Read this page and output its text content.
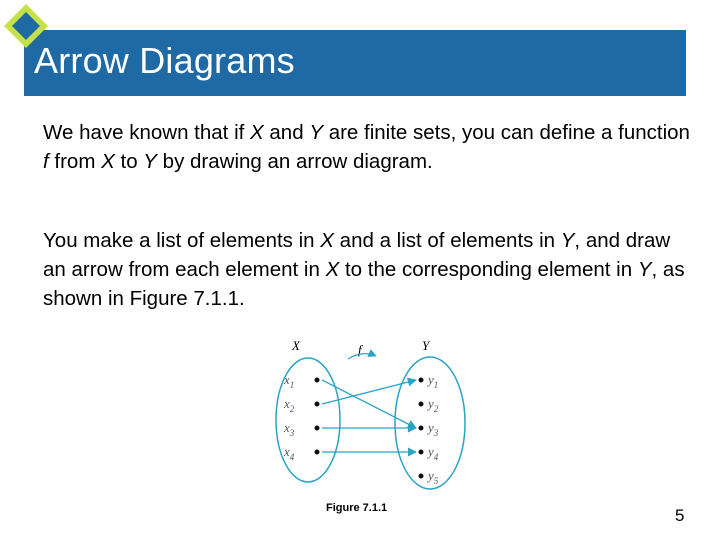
Arrow Diagrams
We have known that if X and Y are finite sets, you can define a function f from X to Y by drawing an arrow diagram.
You make a list of elements in X and a list of elements in Y, and draw an arrow from each element in X to the corresponding element in Y, as shown in Figure 7.1.1.
X	Y
f
$x_1$
$x_2$
$x_3$
$x_4$
$y_1$
$y_2$
$y_3$
$y_4$
$y_5$
Figure 7.1.1	5
